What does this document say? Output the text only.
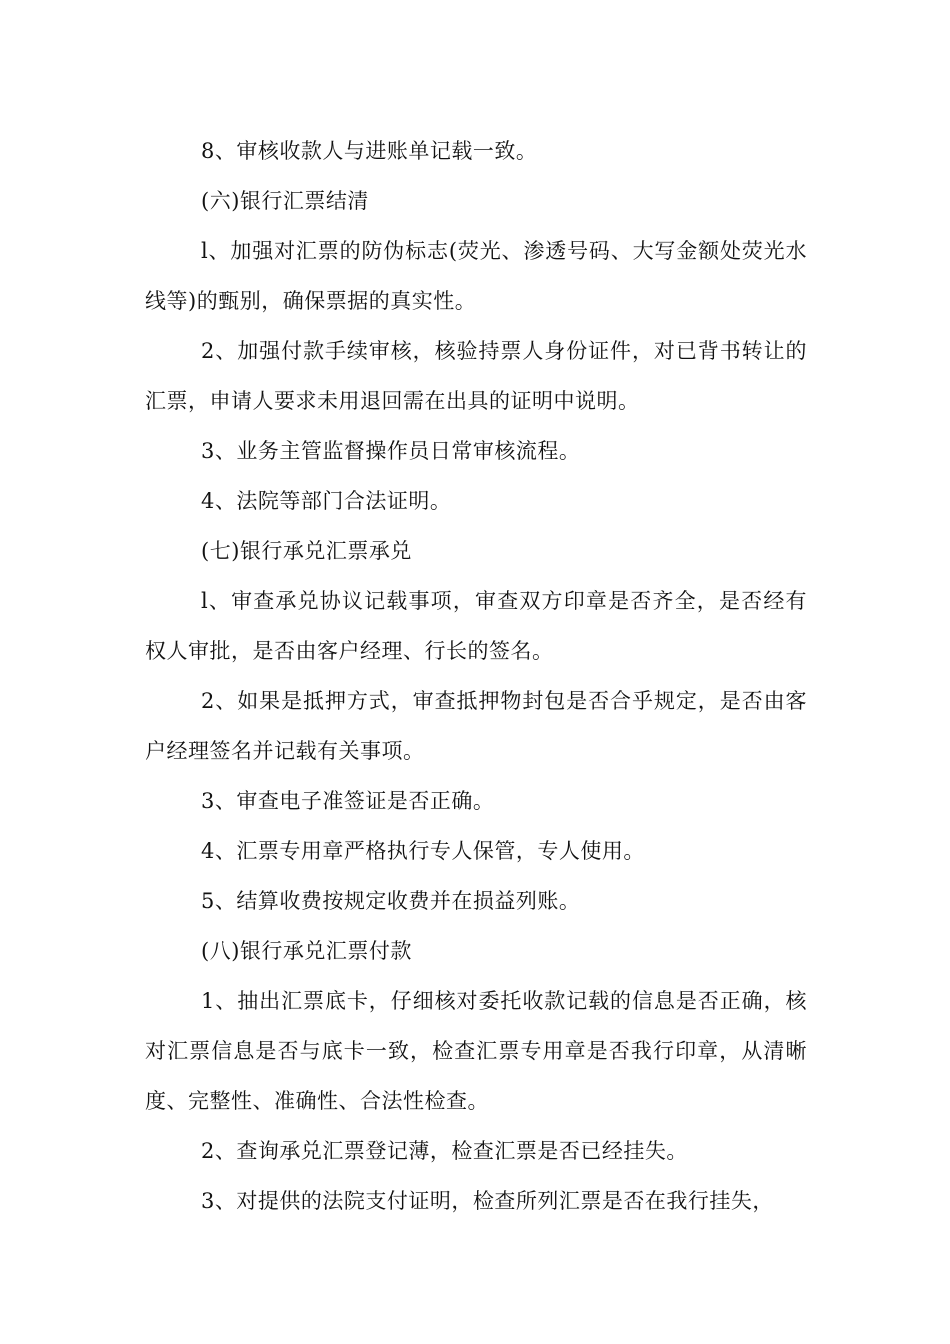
8、审核收款人与进账单记载一致。

(六)银行汇票结清

l、加强对汇票的防伪标志(荧光、渗透号码、大写金额处荧光水线等)的甄别，确保票据的真实性。

2、加强付款手续审核，核验持票人身份证件，对已背书转让的汇票，申请人要求未用退回需在出具的证明中说明。

3、业务主管监督操作员日常审核流程。

4、法院等部门合法证明。

(七)银行承兑汇票承兑

l、审查承兑协议记载事项，审查双方印章是否齐全，是否经有权人审批，是否由客户经理、行长的签名。

2、如果是抵押方式，审查抵押物封包是否合乎规定，是否由客户经理签名并记载有关事项。

3、审查电子准签证是否正确。

4、汇票专用章严格执行专人保管，专人使用。

5、结算收费按规定收费并在损益列账。

(八)银行承兑汇票付款

1、抽出汇票底卡，仔细核对委托收款记载的信息是否正确，核对汇票信息是否与底卡一致，检查汇票专用章是否我行印章，从清晰度、完整性、准确性、合法性检查。

2、查询承兑汇票登记薄，检查汇票是否已经挂失。

3、对提供的法院支付证明，检查所列汇票是否在我行挂失，
